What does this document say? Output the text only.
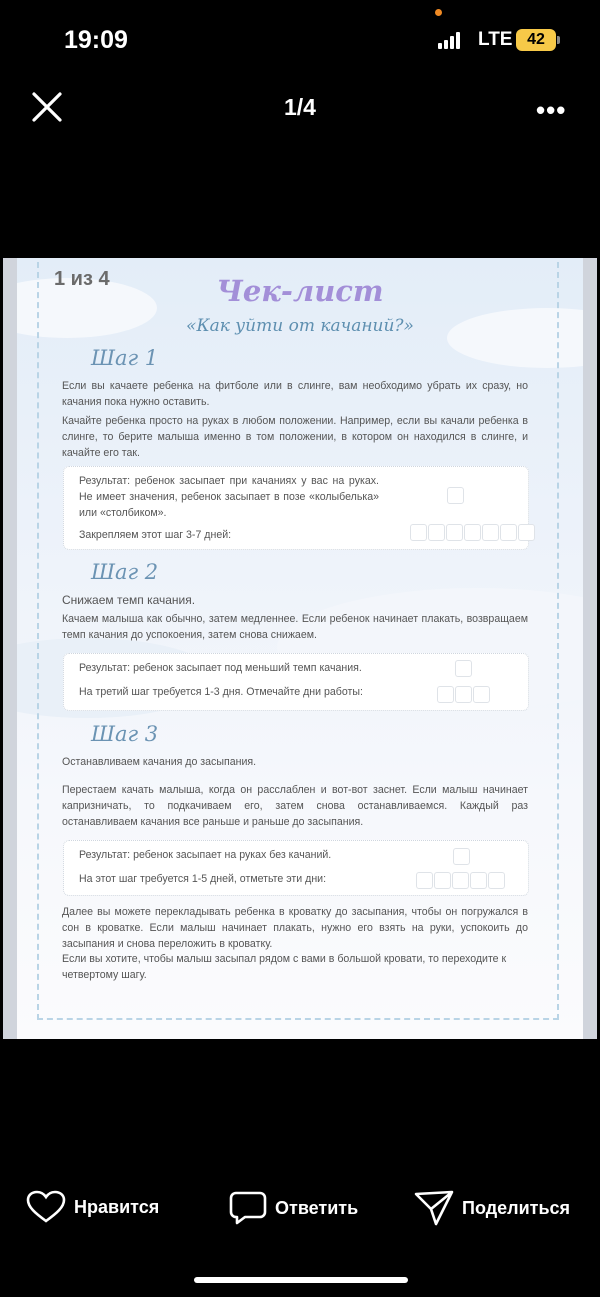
19:09	LTE 42
1/4	•••
1 из 4	Чек-лист
«Как уйти от качаний?»
Шаг 1
Если вы качаете ребенка на фитболе или в слинге, вам необходимо убрать их сразу, но качания пока нужно оставить.
Качайте ребенка просто на руках в любом положении. Например, если вы качали ребенка в слинге, то берите малыша именно в том положении, в котором он находился в слинге, и качайте его так.
Результат: ребенок засыпает при качаниях у вас на руках. Не имеет значения, ребенок засыпает в позе «колыбелька» или «столбиком».
Закрепляем этот шаг 3-7 дней:
Шаг 2
Снижаем темп качания.
Качаем малыша как обычно, затем медленнее. Если ребенок начинает плакать, возвращаем темп качания до успокоения, затем снова снижаем.
Результат: ребенок засыпает под меньший темп качания.
На третий шаг требуется 1-3 дня. Отмечайте дни работы:
Шаг 3
Останавливаем качания до засыпания.
Перестаем качать малыша, когда он расслаблен и вот-вот заснет. Если малыш начинает капризничать, то подкачиваем его, затем снова останавливаемся. Каждый раз останавливаем качания все раньше и раньше до засыпания.
Результат: ребенок засыпает на руках без качаний.
На этот шаг требуется 1-5 дней, отметьте эти дни:
Далее вы можете перекладывать ребенка в кроватку до засыпания, чтобы он погружался в сон в кроватке. Если малыш начинает плакать, нужно его взять на руки, успокоить до засыпания и снова переложить в кроватку.
Если вы хотите, чтобы малыш засыпал рядом с вами в большой кровати, то переходите к четвертому шагу.
Нравится	Ответить	Поделиться
